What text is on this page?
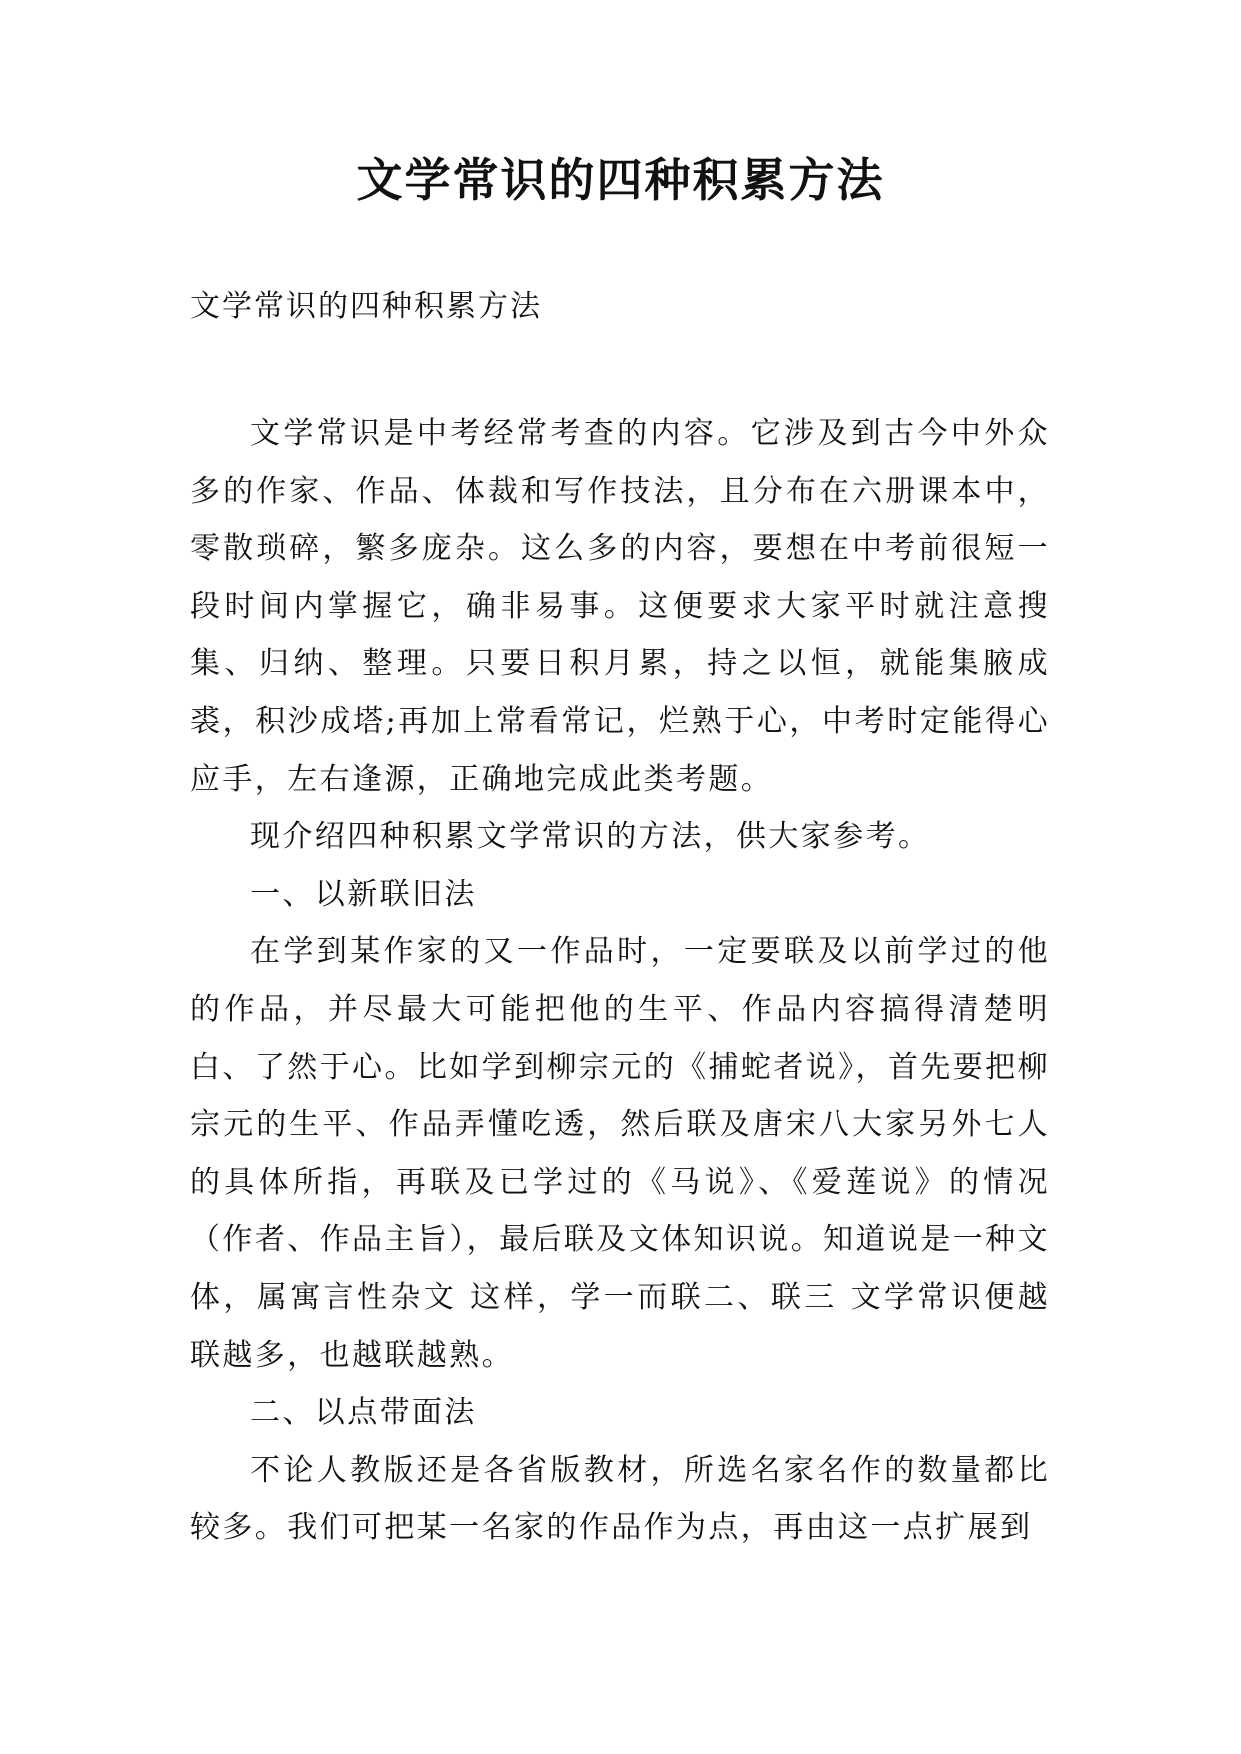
文学常识的四种积累方法

文学常识的四种积累方法

文学常识是中考经常考查的内容。它涉及到古今中外众多的作家、作品、体裁和写作技法，且分布在六册课本中，零散琐碎，繁多庞杂。这么多的内容，要想在中考前很短一段时间内掌握它，确非易事。这便要求大家平时就注意搜集、归纳、整理。只要日积月累，持之以恒，就能集腋成裘，积沙成塔;再加上常看常记，烂熟于心，中考时定能得心应手，左右逢源，正确地完成此类考题。

现介绍四种积累文学常识的方法，供大家参考。

一、以新联旧法

在学到某作家的又一作品时，一定要联及以前学过的他的作品，并尽最大可能把他的生平、作品内容搞得清楚明白、了然于心。比如学到柳宗元的《捕蛇者说》，首先要把柳宗元的生平、作品弄懂吃透，然后联及唐宋八大家另外七人的具体所指，再联及已学过的《马说》、《爱莲说》的情况（作者、作品主旨），最后联及文体知识说。知道说是一种文体，属寓言性杂文 这样，学一而联二、联三 文学常识便越联越多，也越联越熟。

二、以点带面法

不论人教版还是各省版教材，所选名家名作的数量都比较多。我们可把某一名家的作品作为点，再由这一点扩展到
